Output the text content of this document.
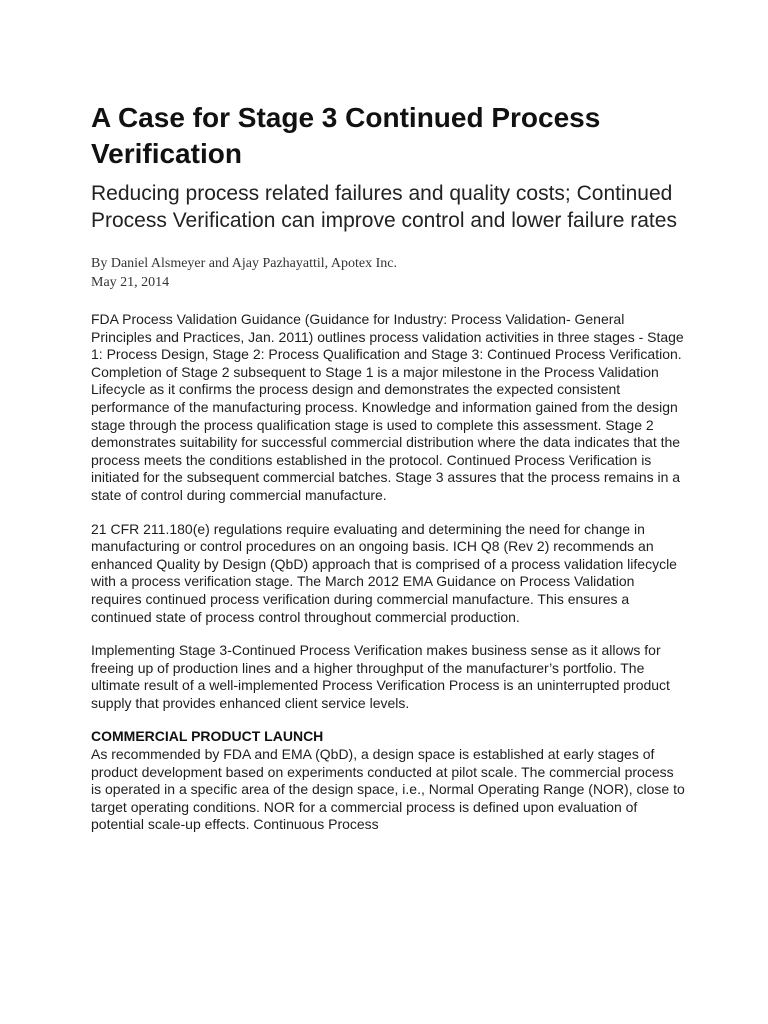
A Case for Stage 3 Continued Process Verification
Reducing process related failures and quality costs; Continued Process Verification can improve control and lower failure rates

By Daniel Alsmeyer and Ajay Pazhayattil, Apotex Inc.

May 21, 2014

FDA Process Validation Guidance (Guidance for Industry: Process Validation- General Principles and Practices, Jan. 2011) outlines process validation activities in three stages - Stage 1: Process Design, Stage 2: Process Qualification and Stage 3: Continued Process Verification. Completion of Stage 2 subsequent to Stage 1 is a major milestone in the Process Validation Lifecycle as it confirms the process design and demonstrates the expected consistent performance of the manufacturing process. Knowledge and information gained from the design stage through the process qualification stage is used to complete this assessment. Stage 2 demonstrates suitability for successful commercial distribution where the data indicates that the process meets the conditions established in the protocol. Continued Process Verification is initiated for the subsequent commercial batches. Stage 3 assures that the process remains in a state of control during commercial manufacture.

21 CFR 211.180(e) regulations require evaluating and determining the need for change in manufacturing or control procedures on an ongoing basis. ICH Q8 (Rev 2) recommends an enhanced Quality by Design (QbD) approach that is comprised of a process validation lifecycle with a process verification stage. The March 2012 EMA Guidance on Process Validation requires continued process verification during commercial manufacture. This ensures a continued state of process control throughout commercial production.

Implementing Stage 3-Continued Process Verification makes business sense as it allows for freeing up of production lines and a higher throughput of the manufacturer’s portfolio. The ultimate result of a well-implemented Process Verification Process is an uninterrupted product supply that provides enhanced client service levels.

COMMERCIAL PRODUCT LAUNCH

As recommended by FDA and EMA (QbD), a design space is established at early stages of product development based on experiments conducted at pilot scale. The commercial process is operated in a specific area of the design space, i.e., Normal Operating Range (NOR), close to target operating conditions. NOR for a commercial process is defined upon evaluation of potential scale-up effects. Continuous Process
